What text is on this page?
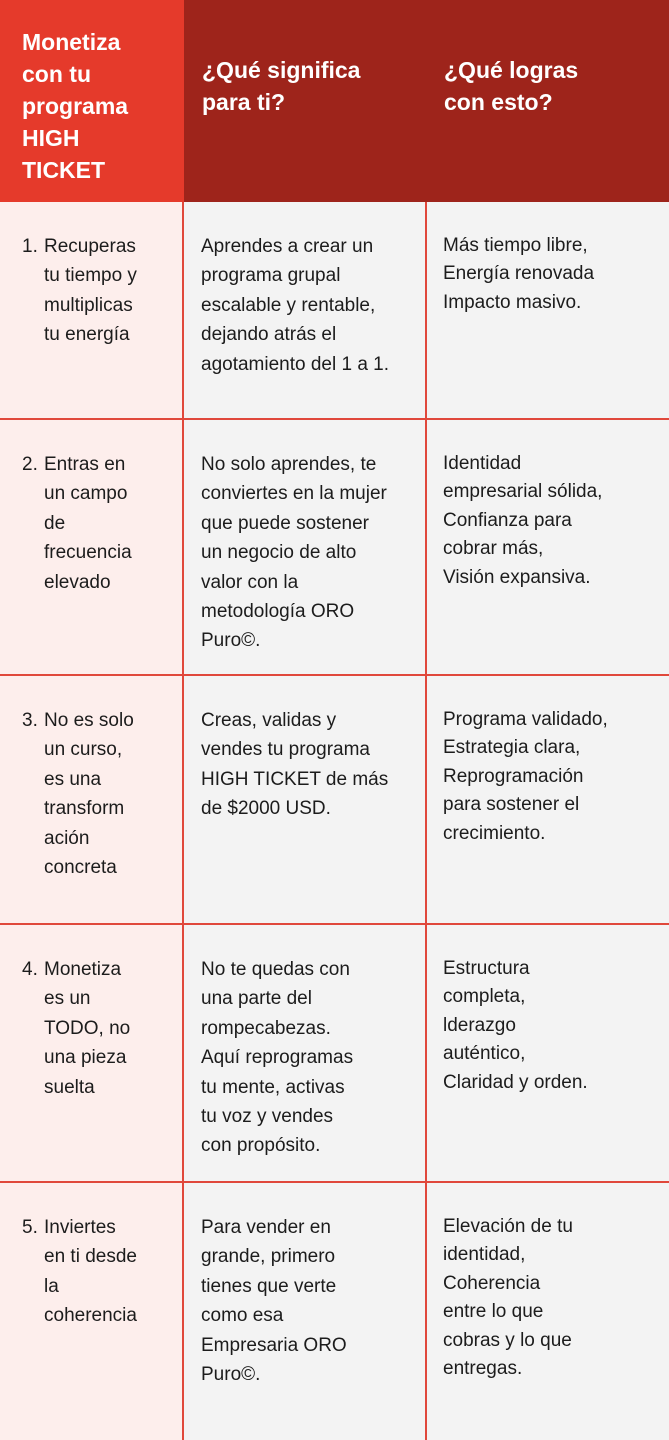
Monetiza
con tu
programa
HIGH
TICKET
¿Qué significa
para ti?
¿Qué logras
con esto?
1. Recuperas
tu tiempo y
multiplicas
tu energía
Aprendes a crear un
programa grupal
escalable y rentable,
dejando atrás el
agotamiento del 1 a 1.
Más tiempo libre,
Energía renovada
Impacto masivo.
2. Entras en
un campo
de
frecuencia
elevado
No solo aprendes, te
conviertes en la mujer
que puede sostener
un negocio de alto
valor con la
metodología ORO
Puro©.
Identidad
empresarial sólida,
Confianza para
cobrar más,
Visión expansiva.
3. No es solo
un curso,
es una
transform
ación
concreta
Creas, validas y
vendes tu programa
HIGH TICKET de más
de $2000 USD.
Programa validado,
Estrategia clara,
Reprogramación
para sostener el
crecimiento.
4. Monetiza
es un
TODO, no
una pieza
suelta
No te quedas con
una parte del
rompecabezas.
Aquí reprogramas
tu mente, activas
tu voz y vendes
con propósito.
Estructura
completa,
lderazgo
auténtico,
Claridad y orden.
5. Inviertes
en ti desde
la
coherencia
Para vender en
grande, primero
tienes que verte
como esa
Empresaria ORO
Puro©.
Elevación de tu
identidad,
Coherencia
entre lo que
cobras y lo que
entregas.
